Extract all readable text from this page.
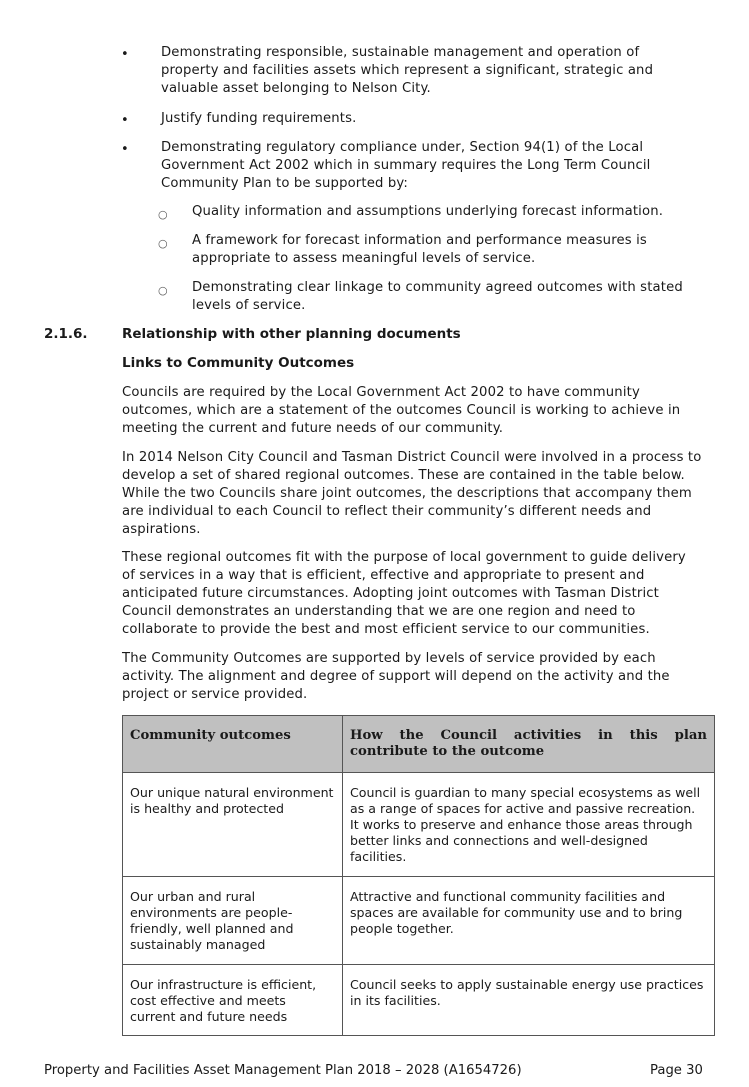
• Demonstrating responsible, sustainable management and operation of property and facilities assets which represent a significant, strategic and valuable asset belonging to Nelson City.
• Justify funding requirements.
• Demonstrating regulatory compliance under, Section 94(1) of the Local Government Act 2002 which in summary requires the Long Term Council Community Plan to be supported by:
○ Quality information and assumptions underlying forecast information.
○ A framework for forecast information and performance measures is appropriate to assess meaningful levels of service.
○ Demonstrating clear linkage to community agreed outcomes with stated levels of service.
2.1.6.	Relationship with other planning documents
Links to Community Outcomes
Councils are required by the Local Government Act 2002 to have community outcomes, which are a statement of the outcomes Council is working to achieve in meeting the current and future needs of our community.
In 2014 Nelson City Council and Tasman District Council were involved in a process to develop a set of shared regional outcomes. These are contained in the table below. While the two Councils share joint outcomes, the descriptions that accompany them are individual to each Council to reflect their community’s different needs and aspirations.
These regional outcomes fit with the purpose of local government to guide delivery of services in a way that is efficient, effective and appropriate to present and anticipated future circumstances. Adopting joint outcomes with Tasman District Council demonstrates an understanding that we are one region and need to collaborate to provide the best and most efficient service to our communities.
The Community Outcomes are supported by levels of service provided by each activity. The alignment and degree of support will depend on the activity and the project or service provided.
Community outcomes	How the Council activities in this plan contribute to the outcome
Our unique natural environment is healthy and protected	Council is guardian to many special ecosystems as well as a range of spaces for active and passive recreation. It works to preserve and enhance those areas through better links and connections and well-designed facilities.
Our urban and rural environments are people-friendly, well planned and sustainably managed	Attractive and functional community facilities and spaces are available for community use and to bring people together.
Our infrastructure is efficient, cost effective and meets current and future needs	Council seeks to apply sustainable energy use practices in its facilities.
Property and Facilities Asset Management Plan 2018 – 2028 (A1654726)	Page 30
